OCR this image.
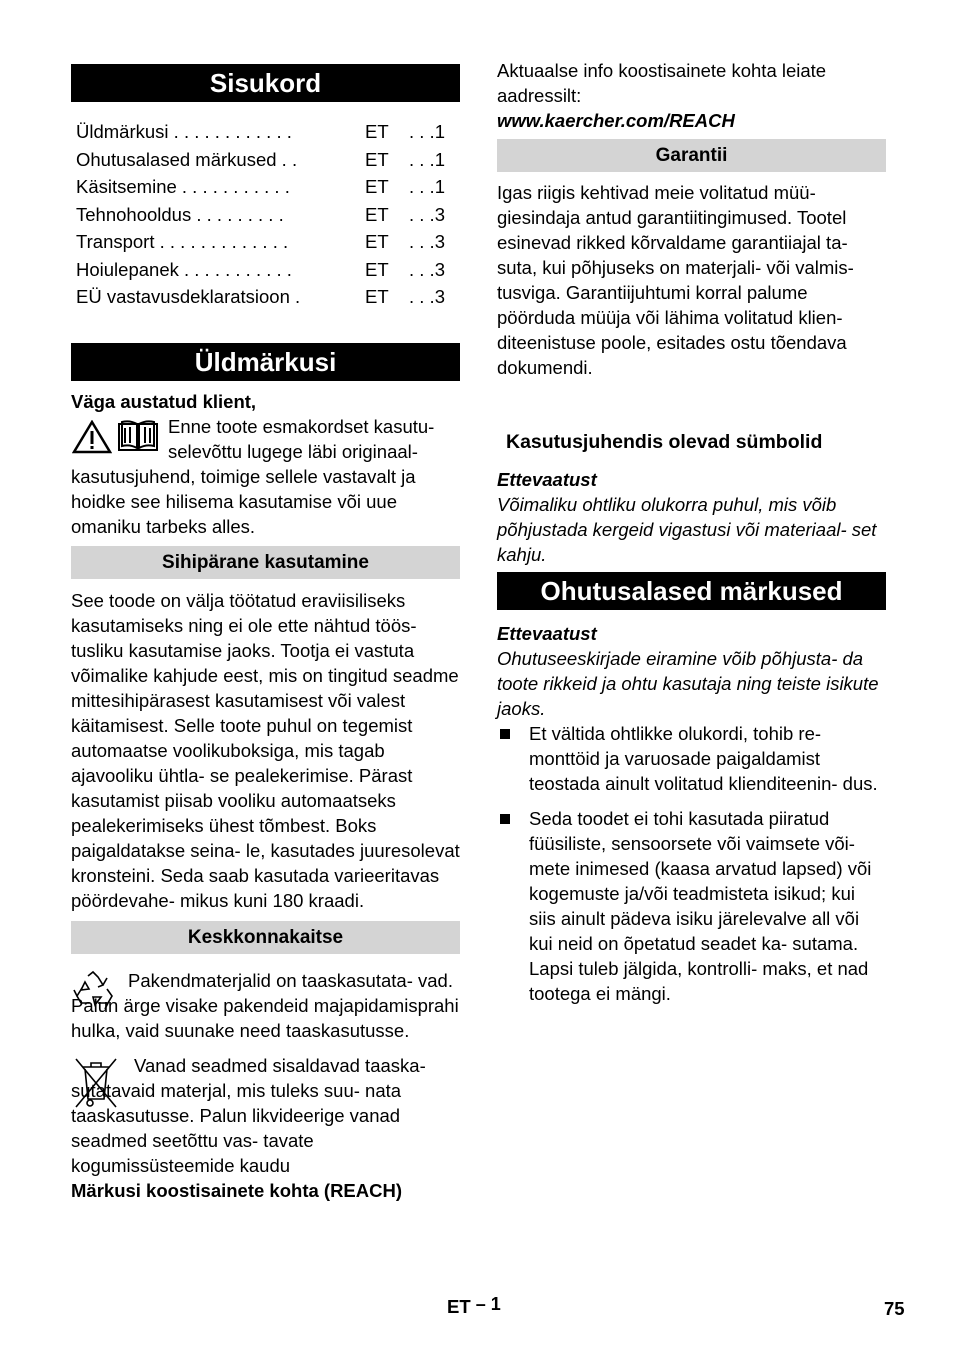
Sisukord
Üldmärkusi . . . . . . . . . . . .	ET . . .1
Ohutusalased märkused . .	ET . . .1
Käsitsemine . . . . . . . . . . .	ET . . .1
Tehnohooldus . . . . . . . . .	ET . . .3
Transport . . . . . . . . . . . . .	ET . . .3
Hoiulepanek . . . . . . . . . . .	ET . . .3
EÜ vastavusdeklaratsioon .	ET . . .3
Üldmärkusi

Väga austatud klient,

Enne toote esmakordset kasutu-

selevõttu lugege läbi originaal-

kasutusjuhend, toimige sellele vastavalt ja hoidke see hilisema kasutamise või uue omaniku tarbeks alles.

Sihipärane kasutamine

See toode on välja töötatud eraviisiliseks kasutamiseks ning ei ole ette nähtud töös- tusliku kasutamise jaoks. Tootja ei vastuta võimalike kahjude eest, mis on tingitud seadme mittesihipärasest kasutamisest või valest käitamisest. Selle toote puhul on tegemist automaatse voolikuboksiga, mis tagab ajavooliku ühtla- se pealekerimise. Pärast kasutamist piisab vooliku automaatseks pealekerimiseks ühest tõmbest. Boks paigaldatakse seina- le, kasutades juuresolevat kronsteini. Seda saab kasutada varieeritavas pöördevahe- mikus kuni 180 kraadi.

Keskkonnakaitse

Pakendmaterjalid on taaskasutata- vad. Palun ärge visake pakendeid majapidamisprahi hulka, vaid suunake need taaskasutusse.

Vanad seadmed sisaldavad taaska- sutatavaid materjal, mis tuleks suu- nata taaskasutusse. Palun likvideerige vanad seadmed seetõttu vas- tavate kogumissüsteemide kaudu

Märkusi koostisainete kohta (REACH)

Aktuaalse info koostisainete kohta leiate aadressilt:

www.kaercher.com/REACH

Garantii

Igas riigis kehtivad meie volitatud müü- giesindaja antud garantiitingimused. Tootel esinevad rikked kõrvaldame garantiiajal ta- suta, kui põhjuseks on materjali- või valmis- tusviga. Garantiijuhtumi korral palume pöörduda müüja või lähima volitatud klien- diteenistuse poole, esitades ostu tõendava dokumendi.

Kasutusjuhendis olevad sümbolid

Ettevaatust

Võimaliku ohtliku olukorra puhul, mis võib põhjustada kergeid vigastusi või materiaal- set kahju.

Ohutusalased märkused

Ettevaatust

Ohutuseeskirjade eiramine võib põhjusta- da toote rikkeid ja ohtu kasutaja ning teiste isikute jaoks.

Et vältida ohtlikke olukordi, tohib re- monttöid ja varuosade paigaldamist teostada ainult volitatud klienditeenin- dus.
Seda toodet ei tohi kasutada piiratud füüsiliste, sensoorsete või vaimsete või- mete inimesed (kaasa arvatud lapsed) või kogemuste ja/või teadmisteta isikud; kui siis ainult pädeva isiku järelevalve all või kui neid on õpetatud seadet ka- sutama. Lapsi tuleb jälgida, kontrolli- maks, et nad tootega ei mängi.
ET – 1	75
